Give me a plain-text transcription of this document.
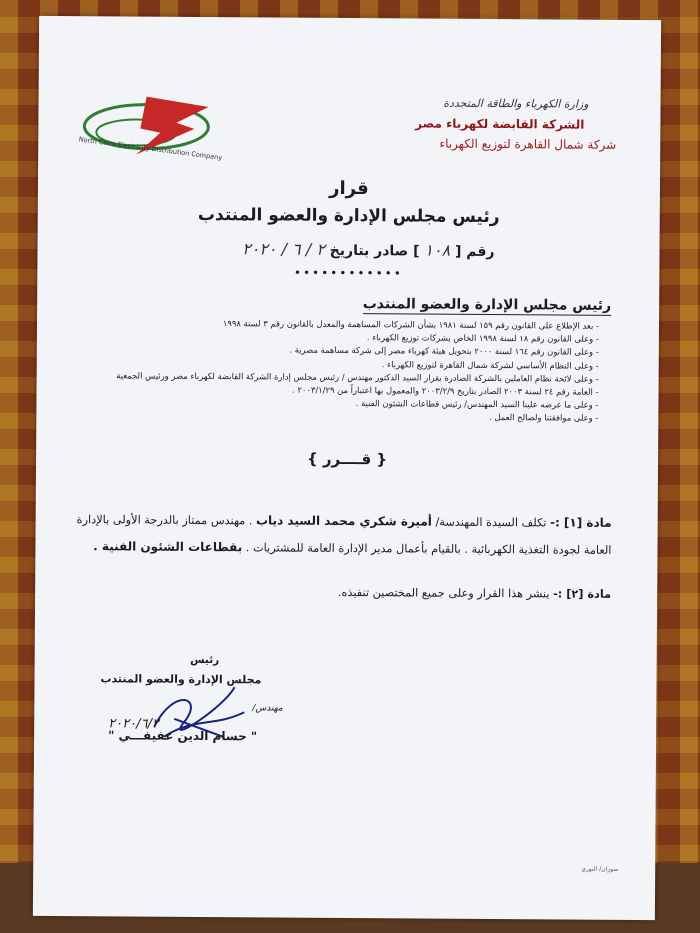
North Cairo Electricity Distribution Company
وزارة الكهرباء والطاقة المتجددة
الشركة القابضة لكهرباء مصر
شركة شمال القاهرة لتوزيع الكهرباء
قرار
رئيس مجلس الإدارة والعضو المنتدب
رقم [ ١٠٨ ] صادر بتاريخ ٢ / ٦ / ٢٠٢٠
••••••••••••
رئيس مجلس الإدارة والعضو المنتدب
- بعد الإطلاع على القانون رقم ١٥٩ لسنة ١٩٨١ بشأن الشركات المساهمة والمعدل بالقانون رقم ٣ لسنة ١٩٩٨
- وعلى القانون رقم ١٨ لسنة ١٩٩٨ الخاص بشركات توزيع الكهرباء .
- وعلى القانون رقم ١٦٤ لسنة ٢٠٠٠ بتحويل هيئة كهرباء مصر إلى شركة مساهمة مصرية .
- وعلى النظام الأساسي لشركة شمال القاهرة لتوزيع الكهرباء .
- وعلى لائحة نظام العاملين بالشركة الصادرة بقرار السيد الدكتور مهندس / رئيس مجلس إدارة الشركة القابضة لكهرباء مصر ورئيس الجمعية
- العامة رقم ٢٤ لسنة ٢٠٠٣ الصادر بتاريخ ٢٠٠٣/٢/٩ والمعمول بها اعتباراً من ٢٠٠٣/١/٢٩ .
- وعلى ما عرضه علينا السيد المهندس/ رئيس قطاعات الشئون الفنية .
- وعلى موافقتنا ولصالح العمل .
{ قــــرر }
مادة [١] :- تكلف السيدة المهندسة/ أميرة شكري محمد السيد دياب . مهندس ممتاز بالدرجة الأولى بالإدارة العامة لجودة التغذية الكهربائية . بالقيام بأعمال مدير الإدارة العامة للمشتريات . بقطاعات الشئون الفنية .
مادة [٢] :- ينشر هذا القرار وعلى جميع المختصين تنفيذه.
رئيس
مجلس الإدارة والعضو المنتدب
٢٠٢٠/٦/٢
مهندس/
" حسام الدين عفيفـــي "
سوزان/ النوري
